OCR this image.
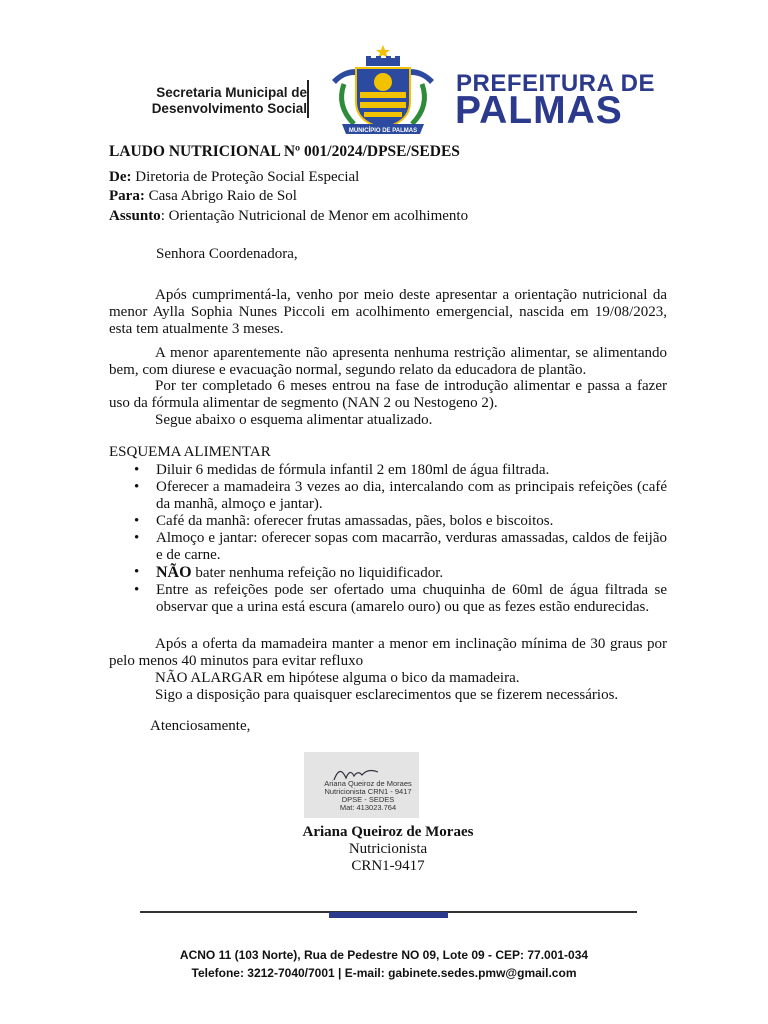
Secretaria Municipal de
Desenvolvimento Social
MUNICÍPIO DE PALMAS
PREFEITURA DE
PALMAS
LAUDO NUTRICIONAL Nº 001/2024/DPSE/SEDES
De: Diretoria de Proteção Social Especial
Para: Casa Abrigo Raio de Sol
Assunto: Orientação Nutricional de Menor em acolhimento
Senhora Coordenadora,
Após cumprimentá-la, venho por meio deste apresentar a orientação nutricional da menor Aylla Sophia Nunes Piccoli em acolhimento emergencial, nascida em 19/08/2023, esta tem atualmente 3 meses.
A menor aparentemente não apresenta nenhuma restrição alimentar, se alimentando bem, com diurese e evacuação normal, segundo relato da educadora de plantão.
Por ter completado 6 meses entrou na fase de introdução alimentar e passa a fazer uso da fórmula alimentar de segmento (NAN 2 ou Nestogeno 2).
Segue abaixo o esquema alimentar atualizado.
ESQUEMA ALIMENTAR
• Diluir 6 medidas de fórmula infantil 2 em 180ml de água filtrada.
• Oferecer a mamadeira 3 vezes ao dia, intercalando com as principais refeições (café da manhã, almoço e jantar).
• Café da manhã: oferecer frutas amassadas, pães, bolos e biscoitos.
• Almoço e jantar: oferecer sopas com macarrão, verduras amassadas, caldos de feijão e de carne.
• NÃO bater nenhuma refeição no liquidificador.
• Entre as refeições pode ser ofertado uma chuquinha de 60ml de água filtrada se observar que a urina está escura (amarelo ouro) ou que as fezes estão endurecidas.
Após a oferta da mamadeira manter a menor em inclinação mínima de 30 graus por pelo menos 40 minutos para evitar refluxo
NÃO ALARGAR em hipótese alguma o bico da mamadeira.
Sigo a disposição para quaisquer esclarecimentos que se fizerem necessários.
Atenciosamente,
Ariana Queiroz de Moraes
Nutricionista CRN1 - 9417
DPSE - SEDES
Mat: 413023.764
Ariana Queiroz de Moraes
Nutricionista
CRN1-9417
ACNO 11 (103 Norte), Rua de Pedestre NO 09, Lote 09 - CEP: 77.001-034
Telefone: 3212-7040/7001 | E-mail: gabinete.sedes.pmw@gmail.com
